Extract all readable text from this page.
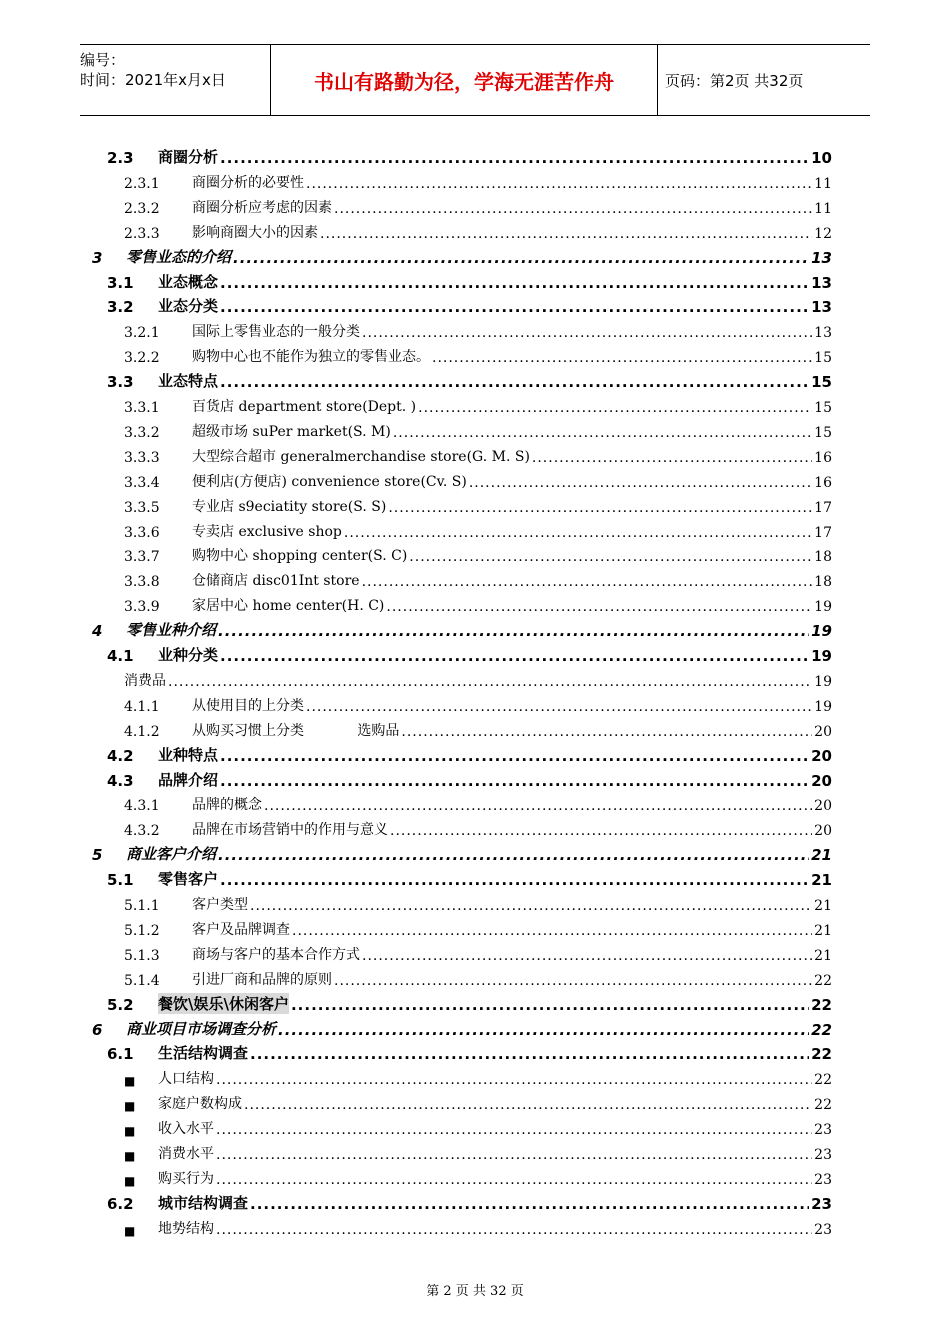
编号：
时间：2021年x月x日	书山有路勤为径，学海无涯苦作舟	页码：第2页 共32页
2.3	商圈分析 .....	10
2.3.1	商圈分析的必要性 .....	11
2.3.2	商圈分析应考虑的因素 .....	11
2.3.3	影响商圈大小的因素 .....	12
3	零售业态的介绍 .....	13
3.1	业态概念 .....	13
3.2	业态分类 .....	13
3.2.1	国际上零售业态的一般分类 .....	13
3.2.2	购物中心也不能作为独立的零售业态。 .....	15
3.3	业态特点 .....	15
3.3.1	百货店 department store(Dept. ) .....	15
3.3.2	超级市场 suPer market(S. M) .....	15
3.3.3	大型综合超市 generalmerchandise store(G. M. S) .....	16
3.3.4	便利店(方便店) convenience store(Cv. S) .....	16
3.3.5	专业店 s9eciatity store(S. S) .....	17
3.3.6	专卖店 exclusive shop .....	17
3.3.7	购物中心 shopping center(S. C) .....	18
3.3.8	仓储商店 disc01Int store .....	18
3.3.9	家居中心 home center(H. C) .....	19
4	零售业种介绍 .....	19
4.1	业种分类 .....	19
消费品 .....	19
4.1.1	从使用目的上分类 .....	19
4.1.2	从购买习惯上分类            选购品 .....	20
4.2	业种特点 .....	20
4.3	品牌介绍 .....	20
4.3.1	品牌的概念 .....	20
4.3.2	品牌在市场营销中的作用与意义 .....	20
5	商业客户介绍 .....	21
5.1	零售客户 .....	21
5.1.1	客户类型 .....	21
5.1.2	客户及品牌调查 .....	21
5.1.3	商场与客户的基本合作方式 .....	21
5.1.4	引进厂商和品牌的原则 .....	22
5.2	餐饮\娱乐\休闲客户 .....	22
6	商业项目市场调查分析 .....	22
6.1	生活结构调查 .....	22
■	人口结构 .....	22
■	家庭户数构成 .....	22
■	收入水平 .....	23
■	消费水平 .....	23
■	购买行为 .....	23
6.2	城市结构调查 .....	23
■	地势结构 .....	23
第 2 页 共 32 页
